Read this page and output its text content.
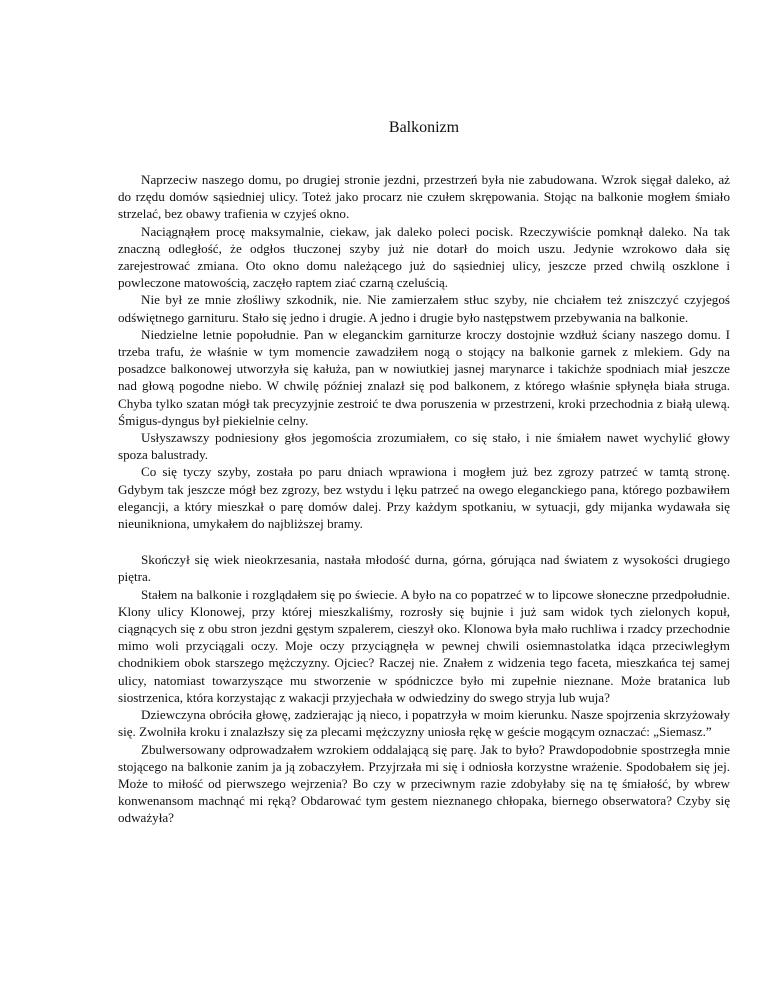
Balkonizm

Naprzeciw naszego domu, po drugiej stronie jezdni, przestrzeń była nie zabudowana. Wzrok sięgał daleko, aż do rzędu domów sąsiedniej ulicy. Toteż jako procarz nie czułem skrępowania. Stojąc na balkonie mogłem śmiało strzelać, bez obawy trafienia w czyjeś okno.

Naciągnąłem procę maksymalnie, ciekaw, jak daleko poleci pocisk. Rzeczywiście pomknął daleko. Na tak znaczną odległość, że odgłos tłuczonej szyby już nie dotarł do moich uszu. Jedynie wzrokowo dała się zarejestrować zmiana. Oto okno domu należącego już do sąsiedniej ulicy, jeszcze przed chwilą oszklone i powleczone matowością, zaczęło raptem ziać czarną czeluścią.

Nie był ze mnie złośliwy szkodnik, nie. Nie zamierzałem stłuc szyby, nie chciałem też zniszczyć czyjegoś odświętnego garnituru. Stało się jedno i drugie. A jedno i drugie było następstwem przebywania na balkonie.

Niedzielne letnie popołudnie. Pan w eleganckim garniturze kroczy dostojnie wzdłuż ściany naszego domu. I trzeba trafu, że właśnie w tym momencie zawadziłem nogą o stojący na balkonie garnek z mlekiem. Gdy na posadzce balkonowej utworzyła się kałuża, pan w nowiutkiej jasnej marynarce i takichże spodniach miał jeszcze nad głową pogodne niebo. W chwilę później znalazł się pod balkonem, z którego właśnie spłynęła biała struga. Chyba tylko szatan mógł tak precyzyjnie zestroić te dwa poruszenia w przestrzeni, kroki przechodnia z białą ulewą. Śmigus-dyngus był piekielnie celny.

Usłyszawszy podniesiony głos jegomościa zrozumiałem, co się stało, i nie śmiałem nawet wychylić głowy spoza balustrady.

Co się tyczy szyby, została po paru dniach wprawiona i mogłem już bez zgrozy patrzeć w tamtą stronę. Gdybym tak jeszcze mógł bez zgrozy, bez wstydu i lęku patrzeć na owego eleganckiego pana, którego pozbawiłem elegancji, a który mieszkał o parę domów dalej. Przy każdym spotkaniu, w sytuacji, gdy mijanka wydawała się nieunikniona, umykałem do najbliższej bramy.

Skończył się wiek nieokrzesania, nastała młodość durna, górna, górująca nad światem z wysokości drugiego piętra.

Stałem na balkonie i rozglądałem się po świecie. A było na co popatrzeć w to lipcowe słoneczne przedpołudnie. Klony ulicy Klonowej, przy której mieszkaliśmy, rozrosły się bujnie i już sam widok tych zielonych kopuł, ciągnących się z obu stron jezdni gęstym szpalerem, cieszył oko. Klonowa była mało ruchliwa i rzadcy przechodnie mimo woli przyciągali oczy. Moje oczy przyciągnęła w pewnej chwili osiemnastolatka idąca przeciwległym chodnikiem obok starszego mężczyzny. Ojciec? Raczej nie. Znałem z widzenia tego faceta, mieszkańca tej samej ulicy, natomiast towarzyszące mu stworzenie w spódniczce było mi zupełnie nieznane. Może bratanica lub siostrzenica, która korzystając z wakacji przyjechała w odwiedziny do swego stryja lub wuja?

Dziewczyna obróciła głowę, zadzierając ją nieco, i popatrzyła w moim kierunku. Nasze spojrzenia skrzyżowały się. Zwolniła kroku i znalazłszy się za plecami mężczyzny uniosła rękę w geście mogącym oznaczać: „Siemasz.”

Zbulwersowany odprowadzałem wzrokiem oddalającą się parę. Jak to było? Prawdopodobnie spostrzegła mnie stojącego na balkonie zanim ja ją zobaczyłem. Przyjrzała mi się i odniosła korzystne wrażenie. Spodobałem się jej. Może to miłość od pierwszego wejrzenia? Bo czy w przeciwnym razie zdobyłaby się na tę śmiałość, by wbrew konwenansom machnąć mi ręką? Obdarować tym gestem nieznanego chłopaka, biernego obserwatora? Czyby się odważyła?
